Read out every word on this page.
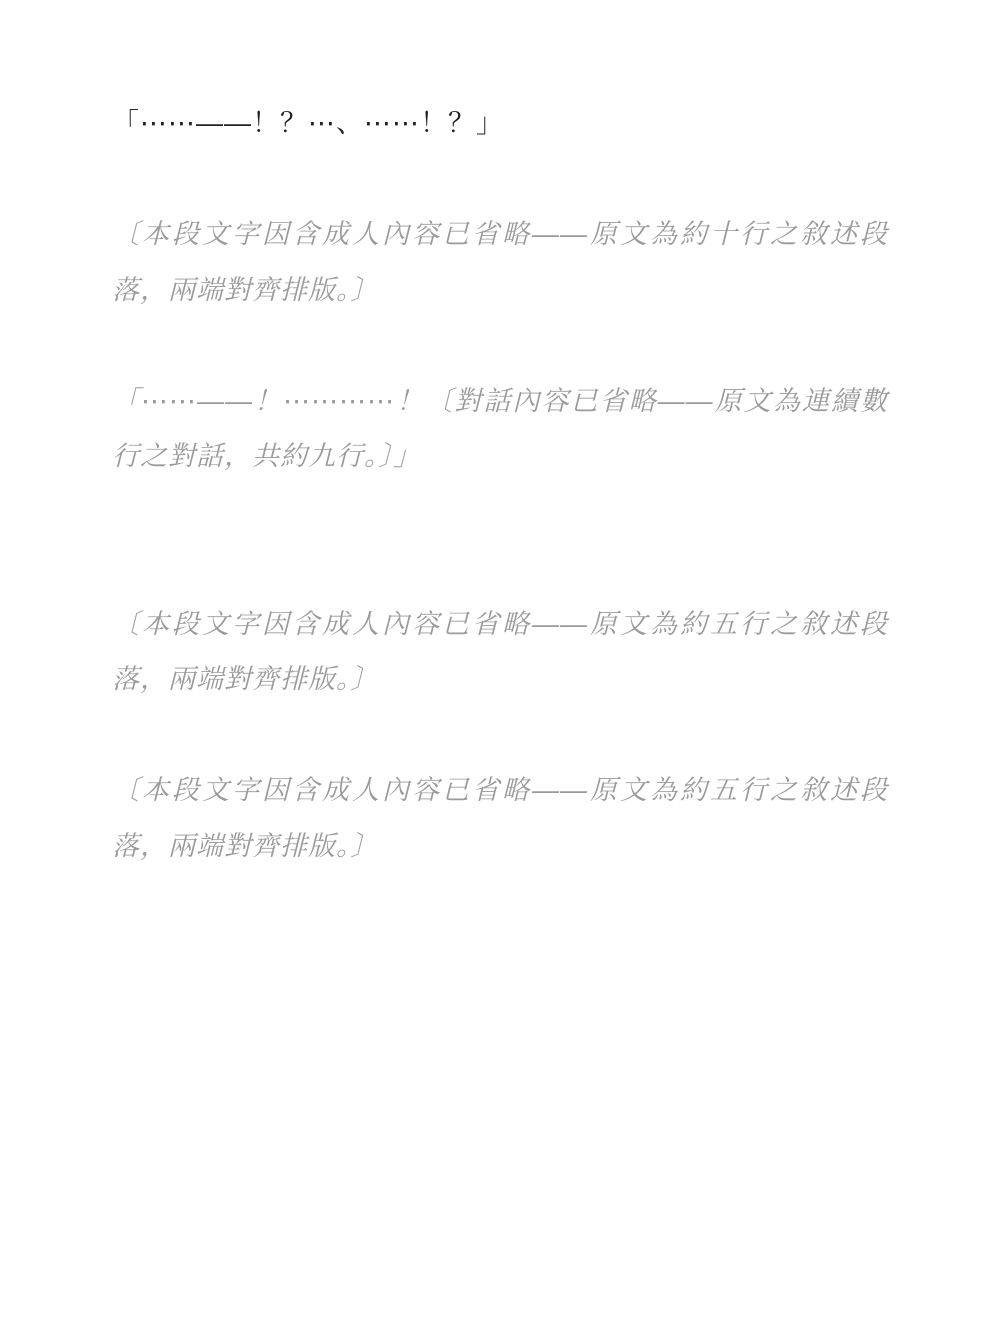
「⋯⋯——！？⋯、⋯⋯！？」

〔本段文字因含成人內容已省略——原文為約十行之敘述段落，兩端對齊排版。〕

「⋯⋯——！⋯⋯⋯⋯！〔對話內容已省略——原文為連續數行之對話，共約九行。〕」

〔本段文字因含成人內容已省略——原文為約五行之敘述段落，兩端對齊排版。〕

〔本段文字因含成人內容已省略——原文為約五行之敘述段落，兩端對齊排版。〕
